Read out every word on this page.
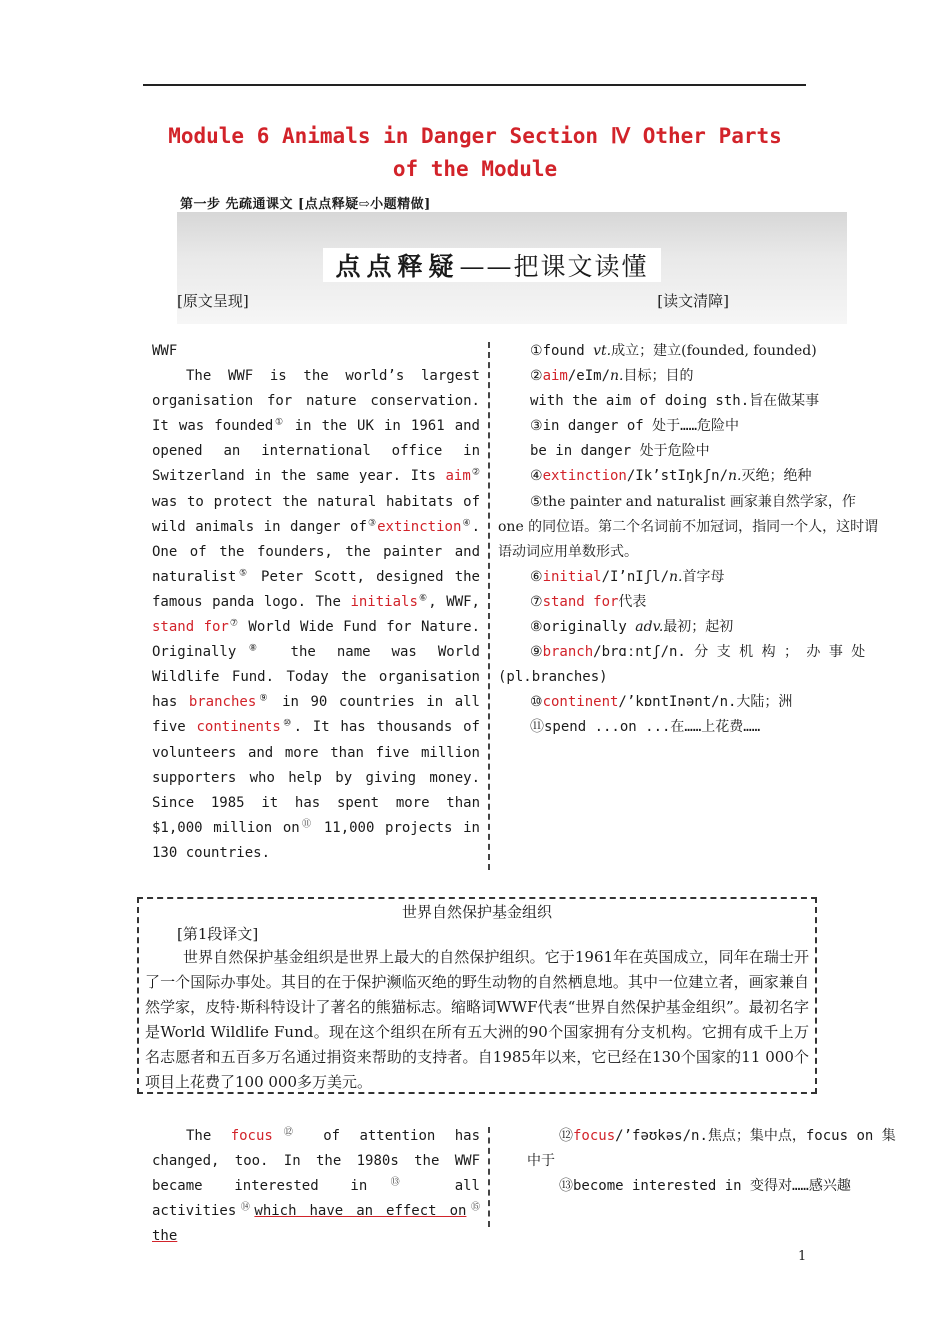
Module 6 Animals in Danger Section Ⅳ Other Parts of the Module
第一步 先疏通课文 [点点释疑⇨小题精做]
点点释疑 ——把课文读懂
[原文呈现]	[读文清障]

WWF

The WWF is the world’s largest organisation for nature conservation. It was founded① in the UK in 1961 and opened an international office in Switzerland in the same year. Its aim② was to protect the natural habitats of wild animals in danger of③extinction④. One of the founders, the painter and naturalist⑤ Peter Scott, designed the famous panda logo. The initials⑥, WWF, stand for⑦ World Wide Fund for Nature. Originally⑧ the name was World Wildlife Fund. Today the organisation has branches⑨ in 90 countries in all five continents⑩. It has thousands of volunteers and more than five million supporters who help by giving money. Since 1985 it has spent more than $1,000 million on⑪ 11,000 projects in 130 countries.

①found vt.成立；建立(founded, founded)
②aim/eIm/n.目标；目的
with the aim of doing sth.旨在做某事
③in danger of 处于……危险中
be in danger 处于危险中
④extinction/Ik’stIŋkʃn/n.灭绝；绝种
⑤the painter and naturalist 画家兼自然学家，作 one 的同位语。第二个名词前不加冠词，指同一个人，这时谓语动词应用单数形式。
⑥initial/I’nIʃl/n.首字母
⑦stand for代表
⑧originally adv.最初；起初
⑨branch/brɑːntʃ/n. 分 支 机 构 ； 办 事 处
(pl.branches)
⑩continent/’kɒntInənt/n.大陆；洲
⑪spend ...on ...在……上花费……
世界自然保护基金组织
[第1段译文]
世界自然保护基金组织是世界上最大的自然保护组织。它于1961年在英国成立，同年在瑞士开了一个国际办事处。其目的在于保护濒临灭绝的野生动物的自然栖息地。其中一位建立者，画家兼自然学家，皮特·斯科特设计了著名的熊猫标志。缩略词WWF代表“世界自然保护基金组织”。最初名字是World Wildlife Fund。现在这个组织在所有五大洲的90个国家拥有分支机构。它拥有成千上万名志愿者和五百多万名通过捐资来帮助的支持者。自1985年以来，它已经在130个国家的11 000个项目上花费了100 000多万美元。

The focus⑫ of attention has changed, too. In the 1980s the WWF became interested in⑬ all activities⑭which have an effect on⑮ the

⑫focus/’fəʊkəs/n.焦点；集中点，focus on 集中于
⑬become interested in 变得对……感兴趣
1
